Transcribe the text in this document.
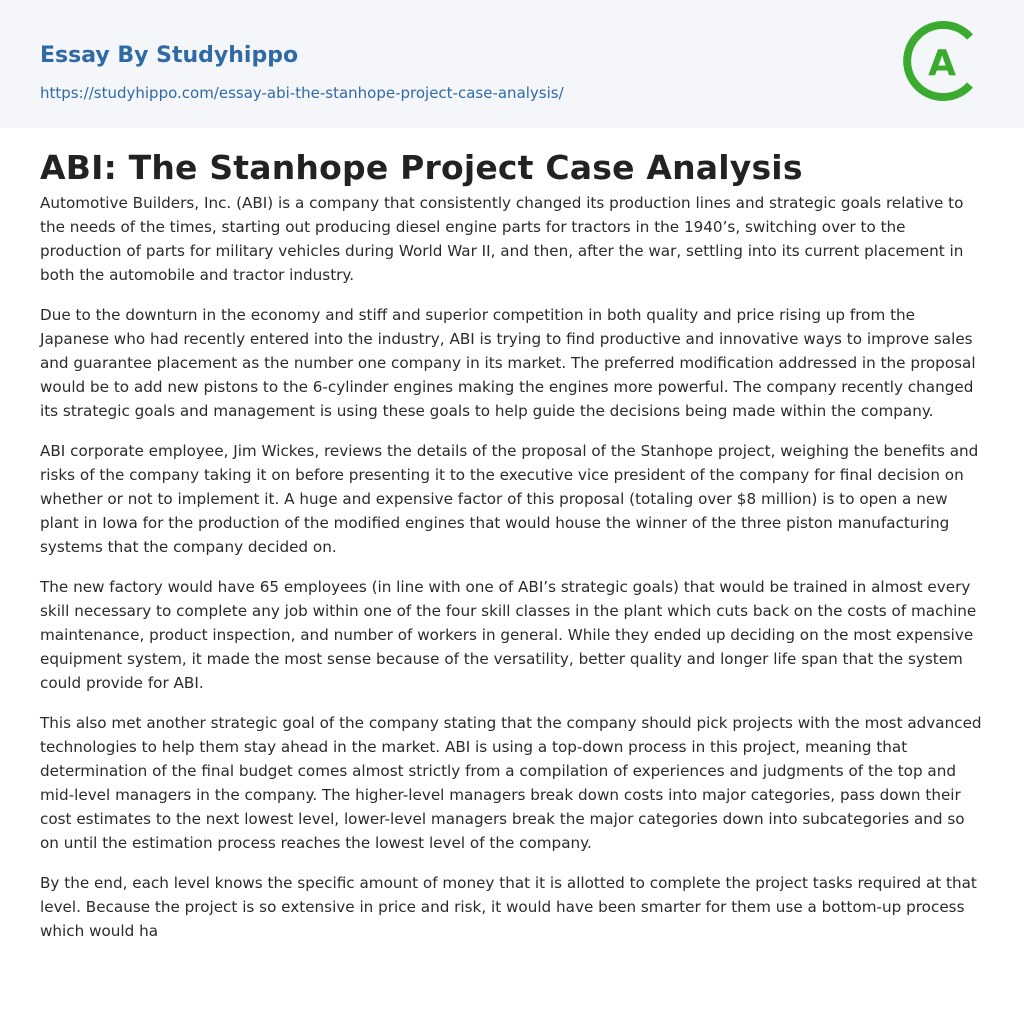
Essay By Studyhippo
https://studyhippo.com/essay-abi-the-stanhope-project-case-analysis/
A
ABI: The Stanhope Project Case Analysis

Automotive Builders, Inc. (ABI) is a company that consistently changed its production lines and strategic goals relative to the needs of the times, starting out producing diesel engine parts for tractors in the 1940’s, switching over to the production of parts for military vehicles during World War II, and then, after the war, settling into its current placement in both the automobile and tractor industry.

Due to the downturn in the economy and stiff and superior competition in both quality and price rising up from the Japanese who had recently entered into the industry, ABI is trying to find productive and innovative ways to improve sales and guarantee placement as the number one company in its market. The preferred modification addressed in the proposal would be to add new pistons to the 6-cylinder engines making the engines more powerful. The company recently changed its strategic goals and management is using these goals to help guide the decisions being made within the company.

ABI corporate employee, Jim Wickes, reviews the details of the proposal of the Stanhope project, weighing the benefits and risks of the company taking it on before presenting it to the executive vice president of the company for final decision on whether or not to implement it. A huge and expensive factor of this proposal (totaling over $8 million) is to open a new plant in Iowa for the production of the modified engines that would house the winner of the three piston manufacturing systems that the company decided on.

The new factory would have 65 employees (in line with one of ABI’s strategic goals) that would be trained in almost every skill necessary to complete any job within one of the four skill classes in the plant which cuts back on the costs of machine maintenance, product inspection, and number of workers in general. While they ended up deciding on the most expensive equipment system, it made the most sense because of the versatility, better quality and longer life span that the system could provide for ABI.

This also met another strategic goal of the company stating that the company should pick projects with the most advanced technologies to help them stay ahead in the market. ABI is using a top-down process in this project, meaning that determination of the final budget comes almost strictly from a compilation of experiences and judgments of the top and mid-level managers in the company. The higher-level managers break down costs into major categories, pass down their cost estimates to the next lowest level, lower-level managers break the major categories down into subcategories and so on until the estimation process reaches the lowest level of the company.

By the end, each level knows the specific amount of money that it is allotted to complete the project tasks required at that level. Because the project is so extensive in price and risk, it would have been smarter for them use a bottom-up process which would ha
